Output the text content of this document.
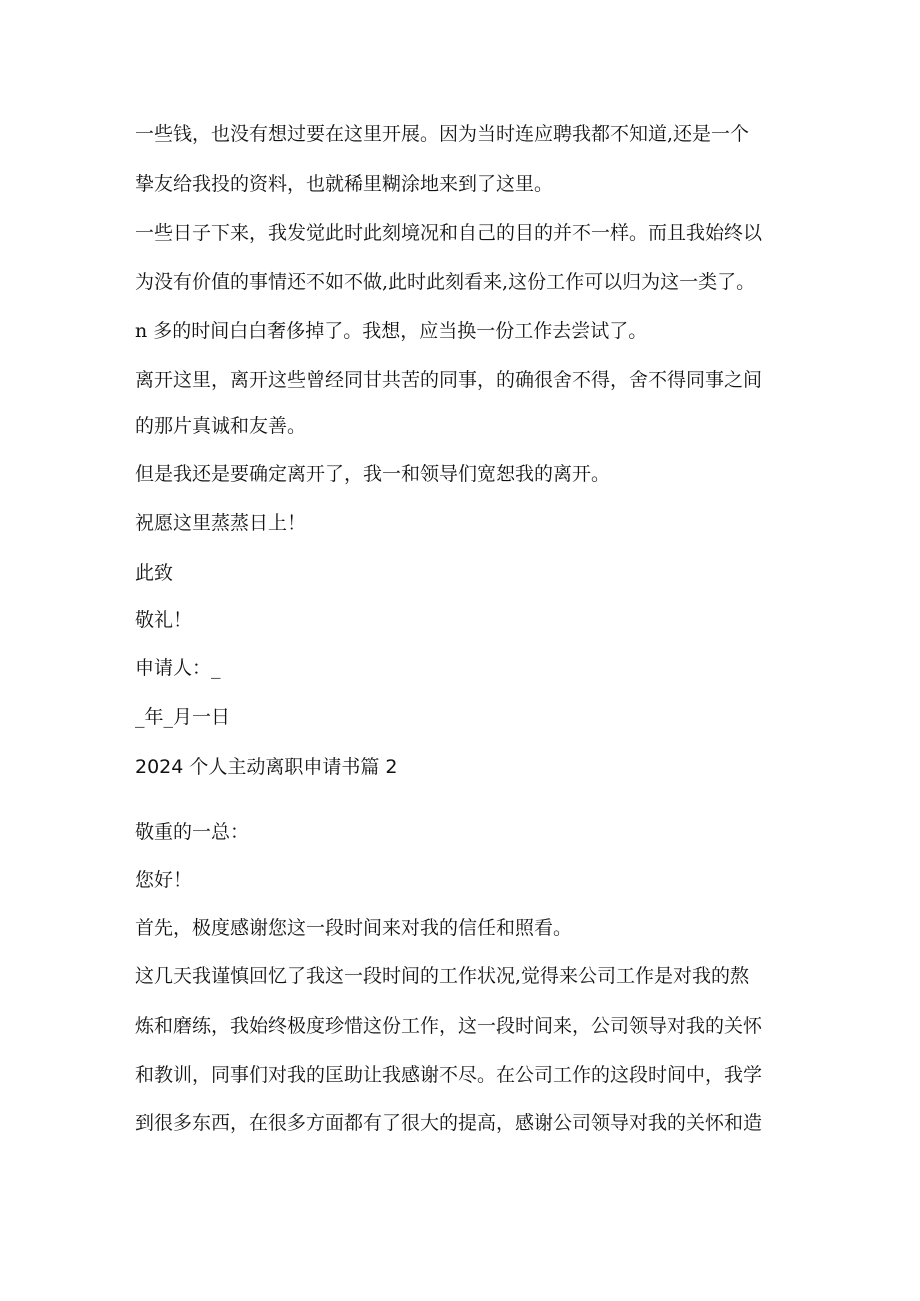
一些钱，也没有想过要在这里开展。因为当时连应聘我都不知道,还是一个
挚友给我投的资料，也就稀里糊涂地来到了这里。
一些日子下来，我发觉此时此刻境况和自己的目的并不一样。而且我始终以
为没有价值的事情还不如不做,此时此刻看来,这份工作可以归为这一类了。
n 多的时间白白奢侈掉了。我想，应当换一份工作去尝试了。
离开这里，离开这些曾经同甘共苦的同事，的确很舍不得，舍不得同事之间
的那片真诚和友善。
但是我还是要确定离开了，我一和领导们宽恕我的离开。
祝愿这里蒸蒸日上！
此致
敬礼！
申请人：_
_年_月一日
2024 个人主动离职申请书篇 2
敬重的一总：
您好！
首先，极度感谢您这一段时间来对我的信任和照看。
这几天我谨慎回忆了我这一段时间的工作状况,觉得来公司工作是对我的熬
炼和磨练，我始终极度珍惜这份工作，这一段时间来，公司领导对我的关怀
和教训，同事们对我的匡助让我感谢不尽。在公司工作的这段时间中，我学
到很多东西，在很多方面都有了很大的提高，感谢公司领导对我的关怀和造
